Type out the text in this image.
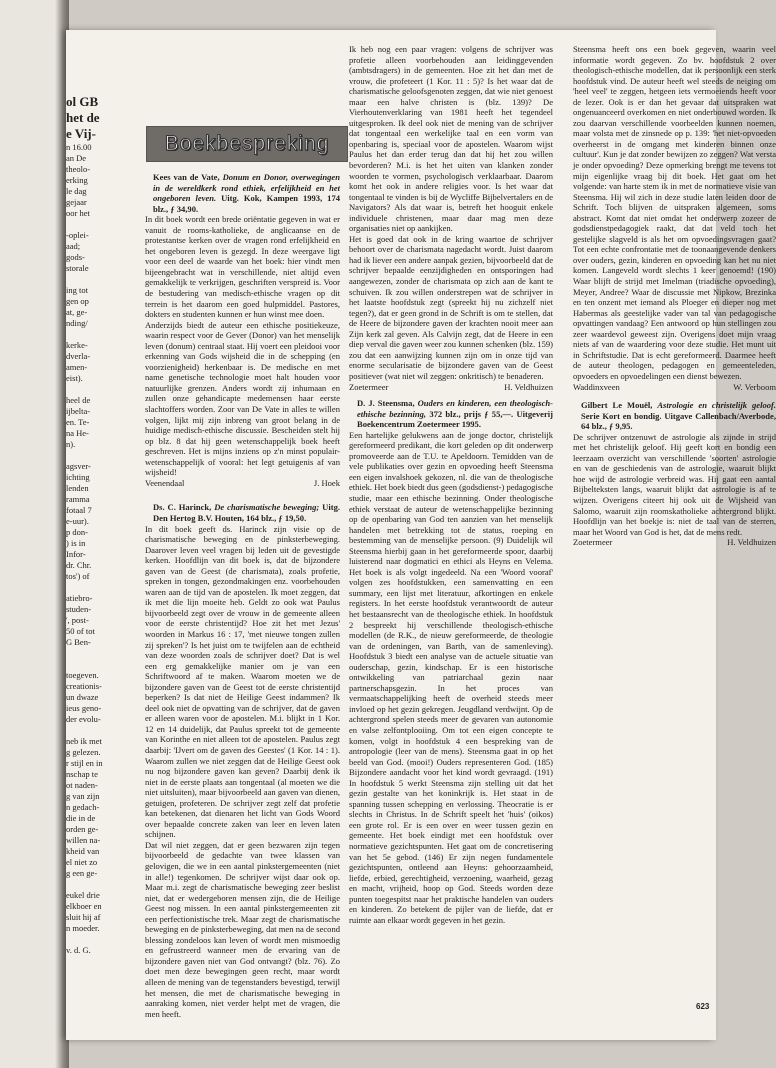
ol GB

het de

e Vij-

n 16.00

an De

theolo-

erking

le dag

gejaar

oor het

-oplei-

aad;

gods-

storale

ing tot

gen op

at, ge-

nding/

kerke-

dverla-

amen-

eist).

heel de

ijbelta-

en. Te-

na He-

n).

agsver-

ichting

lenden

ramma

fotaal 7

e-uur).

p don-

) is in

Infor-

dr. Chr.

tos') of

atiebro-

studen-

', post-

50 of tot

G Ben-

toegeven.

creationis-

un dwaze

ieus geno-

der evolu-

neb ik met

g gelezen.

r stijl en in

nschap te

ot naden-

g van zijn

n gedach-

die in de

orden ge-

willen na-

kheid van

el niet zo

g een ge-

eukel drie

elkboer en

sluit hij af

n moeder.

v. d. G.

Boekbespreking

Kees van de Vate, Donum en Donor, overwegingen in de wereldkerk rond ethiek, erfelijkheid en het ongeboren leven. Uitg. Kok, Kampen 1993, 174 blz., ƒ 34,90.

In dit boek wordt een brede oriëntatie gegeven in wat er vanuit de rooms-katholieke, de anglicaanse en de protestantse kerken over de vragen rond erfelijkheid en het ongeboren leven is gezegd. In deze weergave ligt voor een deel de waarde van het boek: hier vindt men bijeengebracht wat in verschillende, niet altijd even gemakkelijk te verkrijgen, geschriften verspreid is. Voor de bestudering van medisch-ethische vragen op dit terrein is het daarom een goed hulpmiddel. Pastores, dokters en studenten kunnen er hun winst mee doen.

Anderzijds biedt de auteur een ethische positiekeuze, waarin respect voor de Gever (Donor) van het menselijk leven (donum) centraal staat. Hij voert een pleidooi voor erkenning van Gods wijsheid die in de schepping (en voorzienigheid) herkenbaar is. De medische en met name genetische technologie moet halt houden voor natuurlijke grenzen. Anders wordt zij inhumaan en zullen onze gehandicapte medemensen haar eerste slachtoffers worden. Zoor van De Vate in alles te willen volgen, lijkt mij zijn inbreng van groot belang in de huidige medisch-ethische discussie. Bescheiden stelt hij op blz. 8 dat hij geen wetenschappelijk boek heeft geschreven. Het is mijns inziens op z'n minst populair-wetenschappelijk of vooral: het legt getuigenis af van wijsheid!

Veenendaal	J. Hoek

Ds. C. Harinck, De charismatische beweging; Uitg. Den Hertog B.V. Houten, 164 blz., ƒ 19,50.

In dit boek geeft ds. Harinck zijn visie op de charismatische beweging en de pinksterbeweging. Daarover leven veel vragen bij leden uit de gevestigde kerken. Hoofdlijn van dit boek is, dat de bijzondere gaven van de Geest (de charismata), zoals profetie, spreken in tongen, gezondmakingen enz. voorbehouden waren aan de tijd van de apostelen. Ik moet zeggen, dat ik met die lijn moeite heb. Geldt zo ook wat Paulus bijvoorbeeld zegt over de vrouw in de gemeente alleen voor de eerste christentijd? Hoe zit het met Jezus' woorden in Markus 16 : 17, 'met nieuwe tongen zullen zij spreken'? Is het juist om te twijfelen aan de echtheid van deze woorden zoals de schrijver doet? Dat is wel een erg gemakkelijke manier om je van een Schriftwoord af te maken. Waarom moeten we de bijzondere gaven van de Geest tot de eerste christentijd beperken? Is dat niet de Heilige Geest indammen? Ik deel ook niet de opvatting van de schrijver, dat de gaven er alleen waren voor de apostelen. M.i. blijkt in 1 Kor. 12 en 14 duidelijk, dat Paulus spreekt tot de gemeente van Korinthe en niet alleen tot de apostelen. Paulus zegt daarbij: 'IJvert om de gaven des Geestes' (1 Kor. 14 : 1). Waarom zullen we niet zeggen dat de Heilige Geest ook nu nog bijzondere gaven kan geven? Daarbij denk ik niet in de eerste plaats aan tongentaal (al moeten we die niet uitsluiten), maar bijvoorbeeld aan gaven van dienen, getuigen, profeteren. De schrijver zegt zelf dat profetie kan betekenen, dat dienaren het licht van Gods Woord over bepaalde concrete zaken van leer en leven laten schijnen.

Dat wil niet zeggen, dat er geen bezwaren zijn tegen bijvoorbeeld de gedachte van twee klassen van gelovigen, die we in een aantal pinkstergemeenten (niet in alle!) tegenkomen. De schrijver wijst daar ook op. Maar m.i. zegt de charismatische beweging zeer beslist niet, dat er wedergeboren mensen zijn, die de Heilige Geest nog missen. In een aantal pinkstergemeenten zit een perfectionistische trek. Maar zegt de charismatische beweging en de pinksterbeweging, dat men na de second blessing zondeloos kan leven of wordt men mismoedig en gefrustreerd wanneer men de ervaring van de bijzondere gaven niet van God ontvangt? (blz. 76). Zo doet men deze bewegingen geen recht, maar wordt alleen de mening van de tegenstanders bevestigd, terwijl het mensen, die met de charismatische beweging in aanraking komen, niet verder helpt met de vragen, die men heeft.

Ik heb nog een paar vragen: volgens de schrijver was profetie alleen voorbehouden aan leidinggevenden (ambtsdragers) in de gemeenten. Hoe zit het dan met de vrouw, die profeteert (1 Kor. 11 : 5)? Is het waar dat de charismatische geloofsgenoten zeggen, dat wie niet genoest maar een halve christen is (blz. 139)? De Vierhoutenverklaring van 1981 heeft het tegendeel uitgesproken. Ik deel ook niet de mening van de schrijver dat tongentaal een werkelijke taal en een vorm van openbaring is, speciaal voor de apostelen. Waarom wijst Paulus het dan erder terug dan dat hij het zou willen bevorderen? M.i. is het het uiten van klanken zonder woorden te vormen, psychologisch verklaarbaar. Daarom komt het ook in andere religies voor. Is het waar dat tongentaal te vinden is bij de Wycliffe Bijbelvertalers en de Navigators? Als dat waar is, betreft het hooguit enkele individuele christenen, maar daar mag men deze organisaties niet op aankijken.

Het is goed dat ook in de kring waartoe de schrijver behoort over de charismata nagedacht wordt. Juist daarom had ik liever een andere aanpak gezien, bijvoorbeeld dat de schrijver bepaalde eenzijdigheden en ontsporingen had aangewezen, zonder de charismata op zich aan de kant te schuiven. Ik zou willen onderstrepen wat de schrijver in het laatste hoofdstuk zegt (spreekt hij nu zichzelf niet tegen?), dat er geen grond in de Schrift is om te stellen, dat de Heere de bijzondere gaven der krachten nooit meer aan Zijn kerk zal geven. Als Calvijn zegt, dat de Heere in een diep verval die gaven weer zou kunnen schenken (blz. 159) zou dat een aanwijzing kunnen zijn om in onze tijd van enorme secularisatie de bijzondere gaven van de Geest positiever (wat niet wil zeggen: onkritisch) te benaderen.

Zoetermeer	H. Veldhuizen

D. J. Steensma, Ouders en kinderen, een theologisch-ethische bezinning, 372 blz., prijs ƒ 55,—. Uitgeverij Boekencentrum Zoetermeer 1995.

Een hartelijke gelukwens aan de jonge doctor, christelijk gereformeerd predikant, die kort geleden op dit onderwerp promoveerde aan de T.U. te Apeldoorn. Temidden van de vele publikaties over gezin en opvoeding heeft Steensma een eigen invalshoek gekozen, nl. die van de theologische ethiek. Het boek biedt dus geen (godsdienst-) pedagogische studie, maar een ethische bezinning. Onder theologische ethiek verstaat de auteur de wetenschappelijke bezinning op de openbaring van God ten aanzien van het menselijk handelen met betrekking tot de status, roeping en bestemming van de menselijke persoon. (9) Duidelijk wil Steensma hierbij gaan in het gereformeerde spoor, daarbij luisterend naar dogmatici en ethici als Heyns en Velema. Het boek is als volgt ingedeeld. Na een 'Woord vooraf' volgen zes hoofdstukken, een samenvatting en een summary, een lijst met literatuur, afkortingen en enkele registers. In het eerste hoofdstuk verantwoordt de auteur het bestaansrecht van de theologische ethiek. In hoofdstuk 2 bespreekt hij verschillende theologisch-ethische modellen (de R.K., de nieuw gereformeerde, de theologie van de ordeningen, van Barth, van de samenleving). Hoofdstuk 3 biedt een analyse van de actuele situatie van ouderschap, gezin, kindschap. Er is een historische ontwikkeling van patriarchaal gezin naar partnerschapsgezin. In het proces van vermaatschappelijking heeft de overheid steeds meer invloed op het gezin gekregen. Jeugdland verdwijnt. Op de achtergrond spelen steeds meer de gevaren van autonomie en valse zelfontplooiing. Om tot een eigen concepte te komen, volgt in hoofdstuk 4 een bespreking van de antropologie (leer van de mens). Steensma gaat in op het beeld van God. (mooi!) Ouders representeren God. (185) Bijzondere aandacht voor het kind wordt gevraagd. (191) In hoofdstuk 5 werkt Steensma zijn stelling uit dat het gezin gestalte van het koninkrijk is. Het staat in de spanning tussen schepping en verlossing. Theocratie is er slechts in Christus. In de Schrift speelt het 'huis' (oikos) een grote rol. Er is een over en weer tussen gezin en gemeente. Het boek eindigt met een hoofdstuk over normatieve gezichtspunten. Het gaat om de concretisering van het 5e gebod. (146) Er zijn negen fundamentele gezichtspunten, ontleend aan Heyns: gehoorzaamheid, liefde, erbied, gerechtigheid, verzoening, waarheid, gezag en macht, vrijheid, hoop op God. Steeds worden deze punten toegespitst naar het praktische handelen van ouders en kinderen. Zo betekent de pijler van de liefde, dat er ruimte aan elkaar wordt gegeven in het gezin.

Steensma heeft ons een boek gegeven, waarin veel informatie wordt gegeven. Zo bv. hoofdstuk 2 over theologisch-ethische modellen, dat ik persoonlijk een sterk hoofdstuk vind. De auteur heeft wel steeds de neiging om 'heel veel' te zeggen, hetgeen iets vermoeiends heeft voor de lezer. Ook is er dan het gevaar dat uitspraken wat ongenuanceerd overkomen en niet onderbouwd worden. Ik zou daarvan verschillende voorbeelden kunnen noemen, maar volsta met de zinsnede op p. 139: 'het niet-opvoeden overheerst in de omgang met kinderen binnen onze cultuur'. Kun je dat zonder bewijzen zo zeggen? Wat versta je onder opvoeding? Deze opmerking brengt me tevens tot mijn eigenlijke vraag bij dit boek. Het gaat om het volgende: van harte stem ik in met de normatieve visie van Steensma. Hij wil zich in deze studie laten leiden door de Schrift. Toch blijven de uitspraken algemeen, soms abstract. Komt dat niet omdat het onderwerp zozeer de godsdienstpedagogiek raakt, dat dat veld toch het gestelijke slagveld is als het om opvoedingsvragen gaat? Tot een echte confrontatie met de toonaangevende denkers over ouders, gezin, kinderen en opvoeding kan het nu niet komen. Langeveld wordt slechts 1 keer genoemd! (190) Waar blijft de strijd met Imelman (triadische opvoeding), Meyer, Andree? Waar de discussie met Nipkow, Brezinka en ten onzent met iemand als Ploeger en dieper nog met Habermas als geestelijke vader van tal van pedagogische opvattingen vandaag? Een antwoord op hun stellingen zou zeer waardevol geweest zijn. Overigens doet mijn vraag niets af van de waardering voor deze studie. Het munt uit in Schriftstudie. Dat is echt gereformeerd. Daarmee heeft de auteur theologen, pedagogen en gemeenteleden, opvoeders en opvoedelingen een dienst bewezen.

Waddinxveen	W. Verboom

Gilbert Le Mouël, Astrologie en christelijk geloof. Serie Kort en bondig. Uitgave Callenbach/Averbode, 64 blz., ƒ 9,95.

De schrijver ontzenuwt de astrologie als zijnde in strijd met het christelijk geloof. Hij geeft kort en bondig een leerzaam overzicht van verschillende 'soorten' astrologie en van de geschiedenis van de astrologie, waaruit blijkt hoe wijd de astrologie verbreid was. Hij gaat een aantal Bijbelteksten langs, waaruit blijkt dat astrologie is af te wijzen. Overigens citeert hij ook uit de Wijsheid van Salomo, waaruit zijn roomskatholieke achtergrond blijkt. Hoofdlijn van het boekje is: niet de taal van de sterren, maar het Woord van God is het, dat de mens redt.

Zoetermeer	H. Veldhuizen
623
